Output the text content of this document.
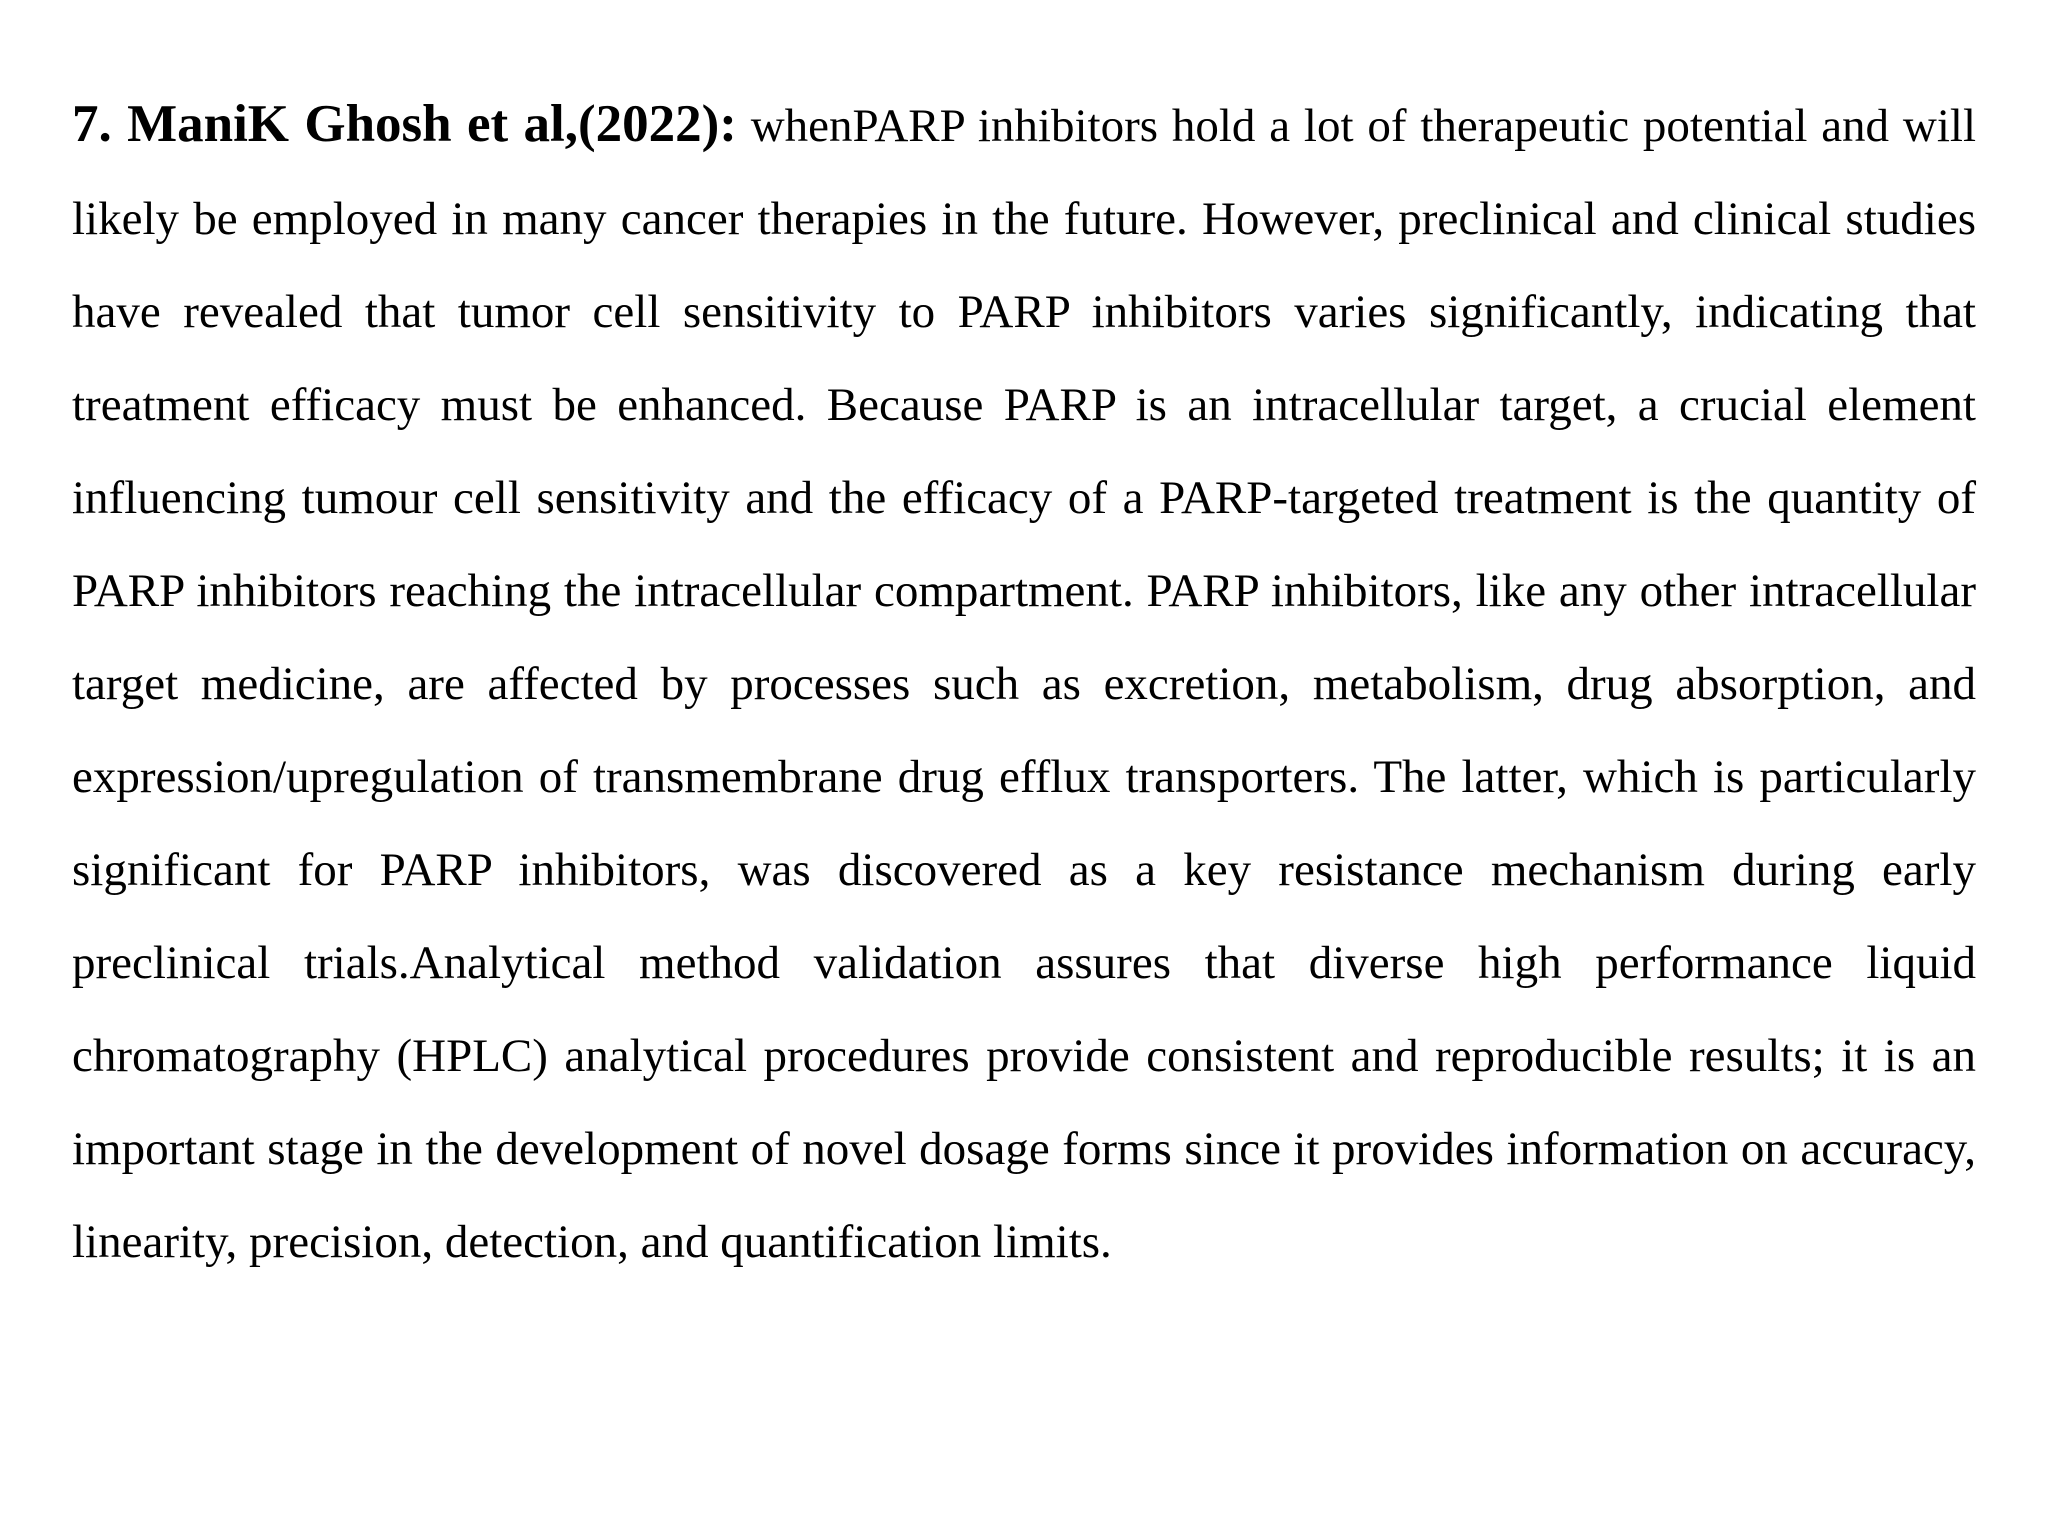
7. ManiK Ghosh et al,(2022): whenPARP inhibitors hold a lot of therapeutic potential and will likely be employed in many cancer therapies in the future. However, preclinical and clinical studies have revealed that tumor cell sensitivity to PARP inhibitors varies significantly, indicating that treatment efficacy must be enhanced. Because PARP is an intracellular target, a crucial element influencing tumour cell sensitivity and the efficacy of a PARP-targeted treatment is the quantity of PARP inhibitors reaching the intracellular compartment. PARP inhibitors, like any other intracellular target medicine, are affected by processes such as excretion, metabolism, drug absorption, and expression/upregulation of transmembrane drug efflux transporters. The latter, which is particularly significant for PARP inhibitors, was discovered as a key resistance mechanism during early preclinical trials.Analytical method validation assures that diverse high performance liquid chromatography (HPLC) analytical procedures provide consistent and reproducible results; it is an important stage in the development of novel dosage forms since it provides information on accuracy, linearity, precision, detection, and quantification limits.
